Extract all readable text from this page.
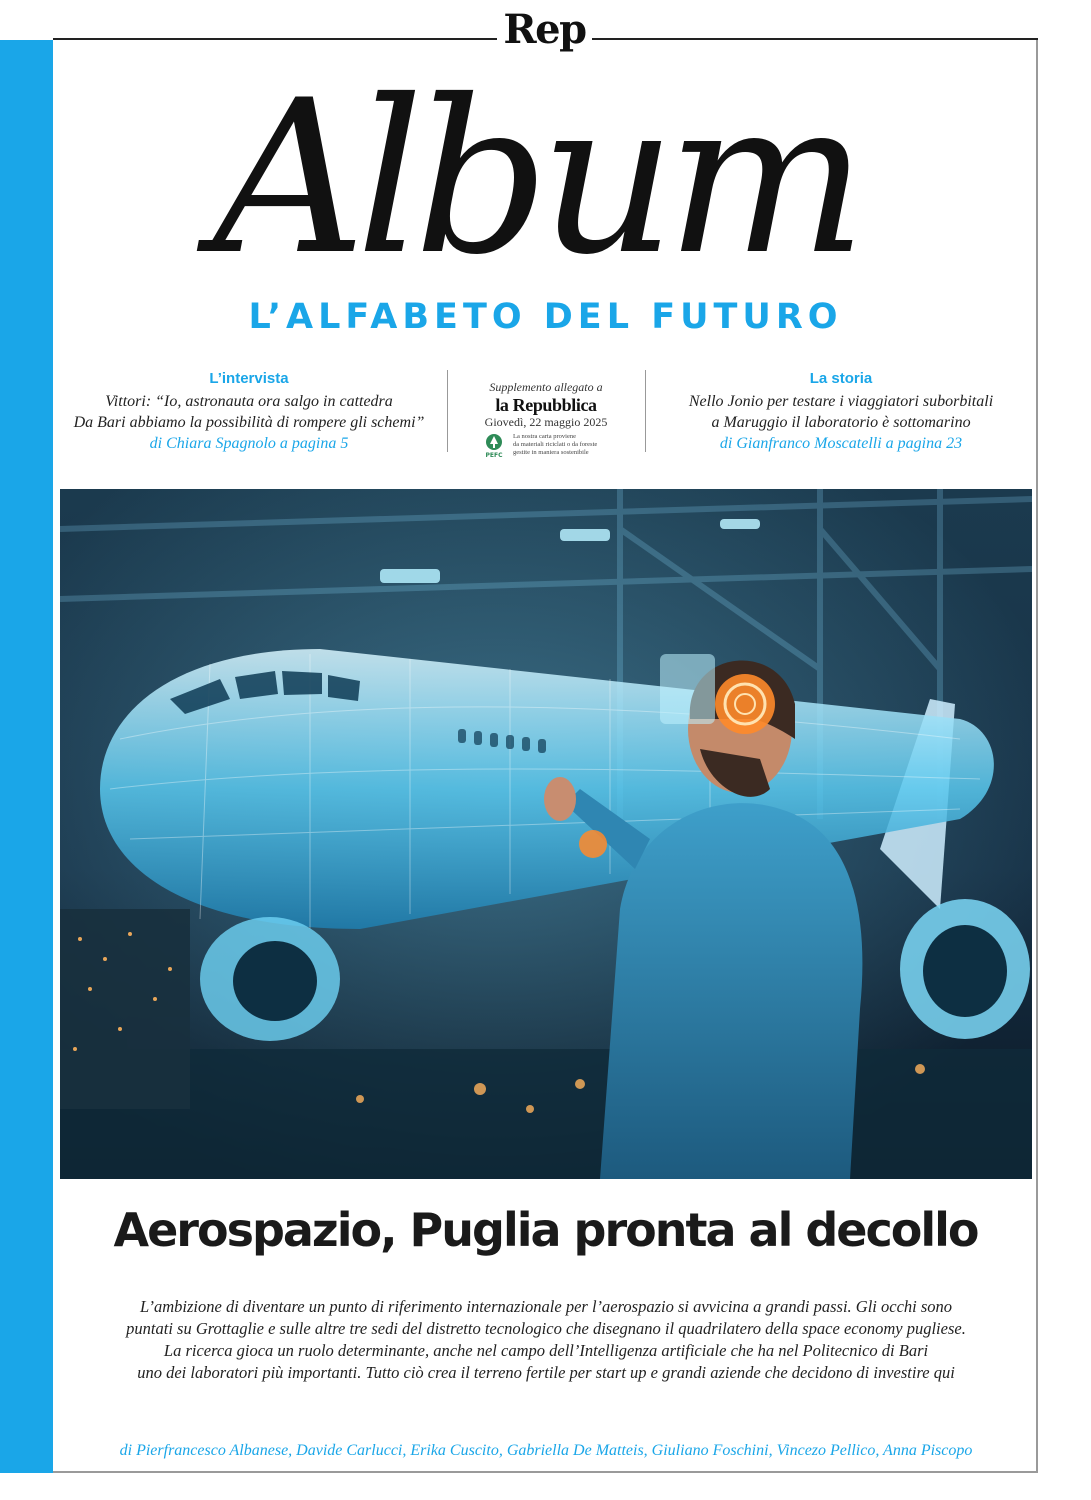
Rep
Album
L’ALFABETO DEL FUTURO
L’intervista
Vittori: “Io, astronauta ora salgo in cattedra
Da Bari abbiamo la possibilità di rompere gli schemi”
di Chiara Spagnolo a pagina 5
Supplemento allegato a
la Repubblica
Giovedì, 22 maggio 2025
PEFC
La nostra carta proviene
da materiali riciclati o da foreste
gestite in maniera sostenibile
La storia
Nello Jonio per testare i viaggiatori suborbitali
a Maruggio il laboratorio è sottomarino
di Gianfranco Moscatelli a pagina 23
Aerospazio, Puglia pronta al decollo
L’ambizione di diventare un punto di riferimento internazionale per l’aerospazio si avvicina a grandi passi. Gli occhi sono
puntati su Grottaglie e sulle altre tre sedi del distretto tecnologico che disegnano il quadrilatero della space economy pugliese.
La ricerca gioca un ruolo determinante, anche nel campo dell’Intelligenza artificiale che ha nel Politecnico di Bari
uno dei laboratori più importanti. Tutto ciò crea il terreno fertile per start up e grandi aziende che decidono di investire qui
di Pierfrancesco Albanese, Davide Carlucci, Erika Cuscito, Gabriella De Matteis, Giuliano Foschini, Vincezo Pellico, Anna Piscopo
